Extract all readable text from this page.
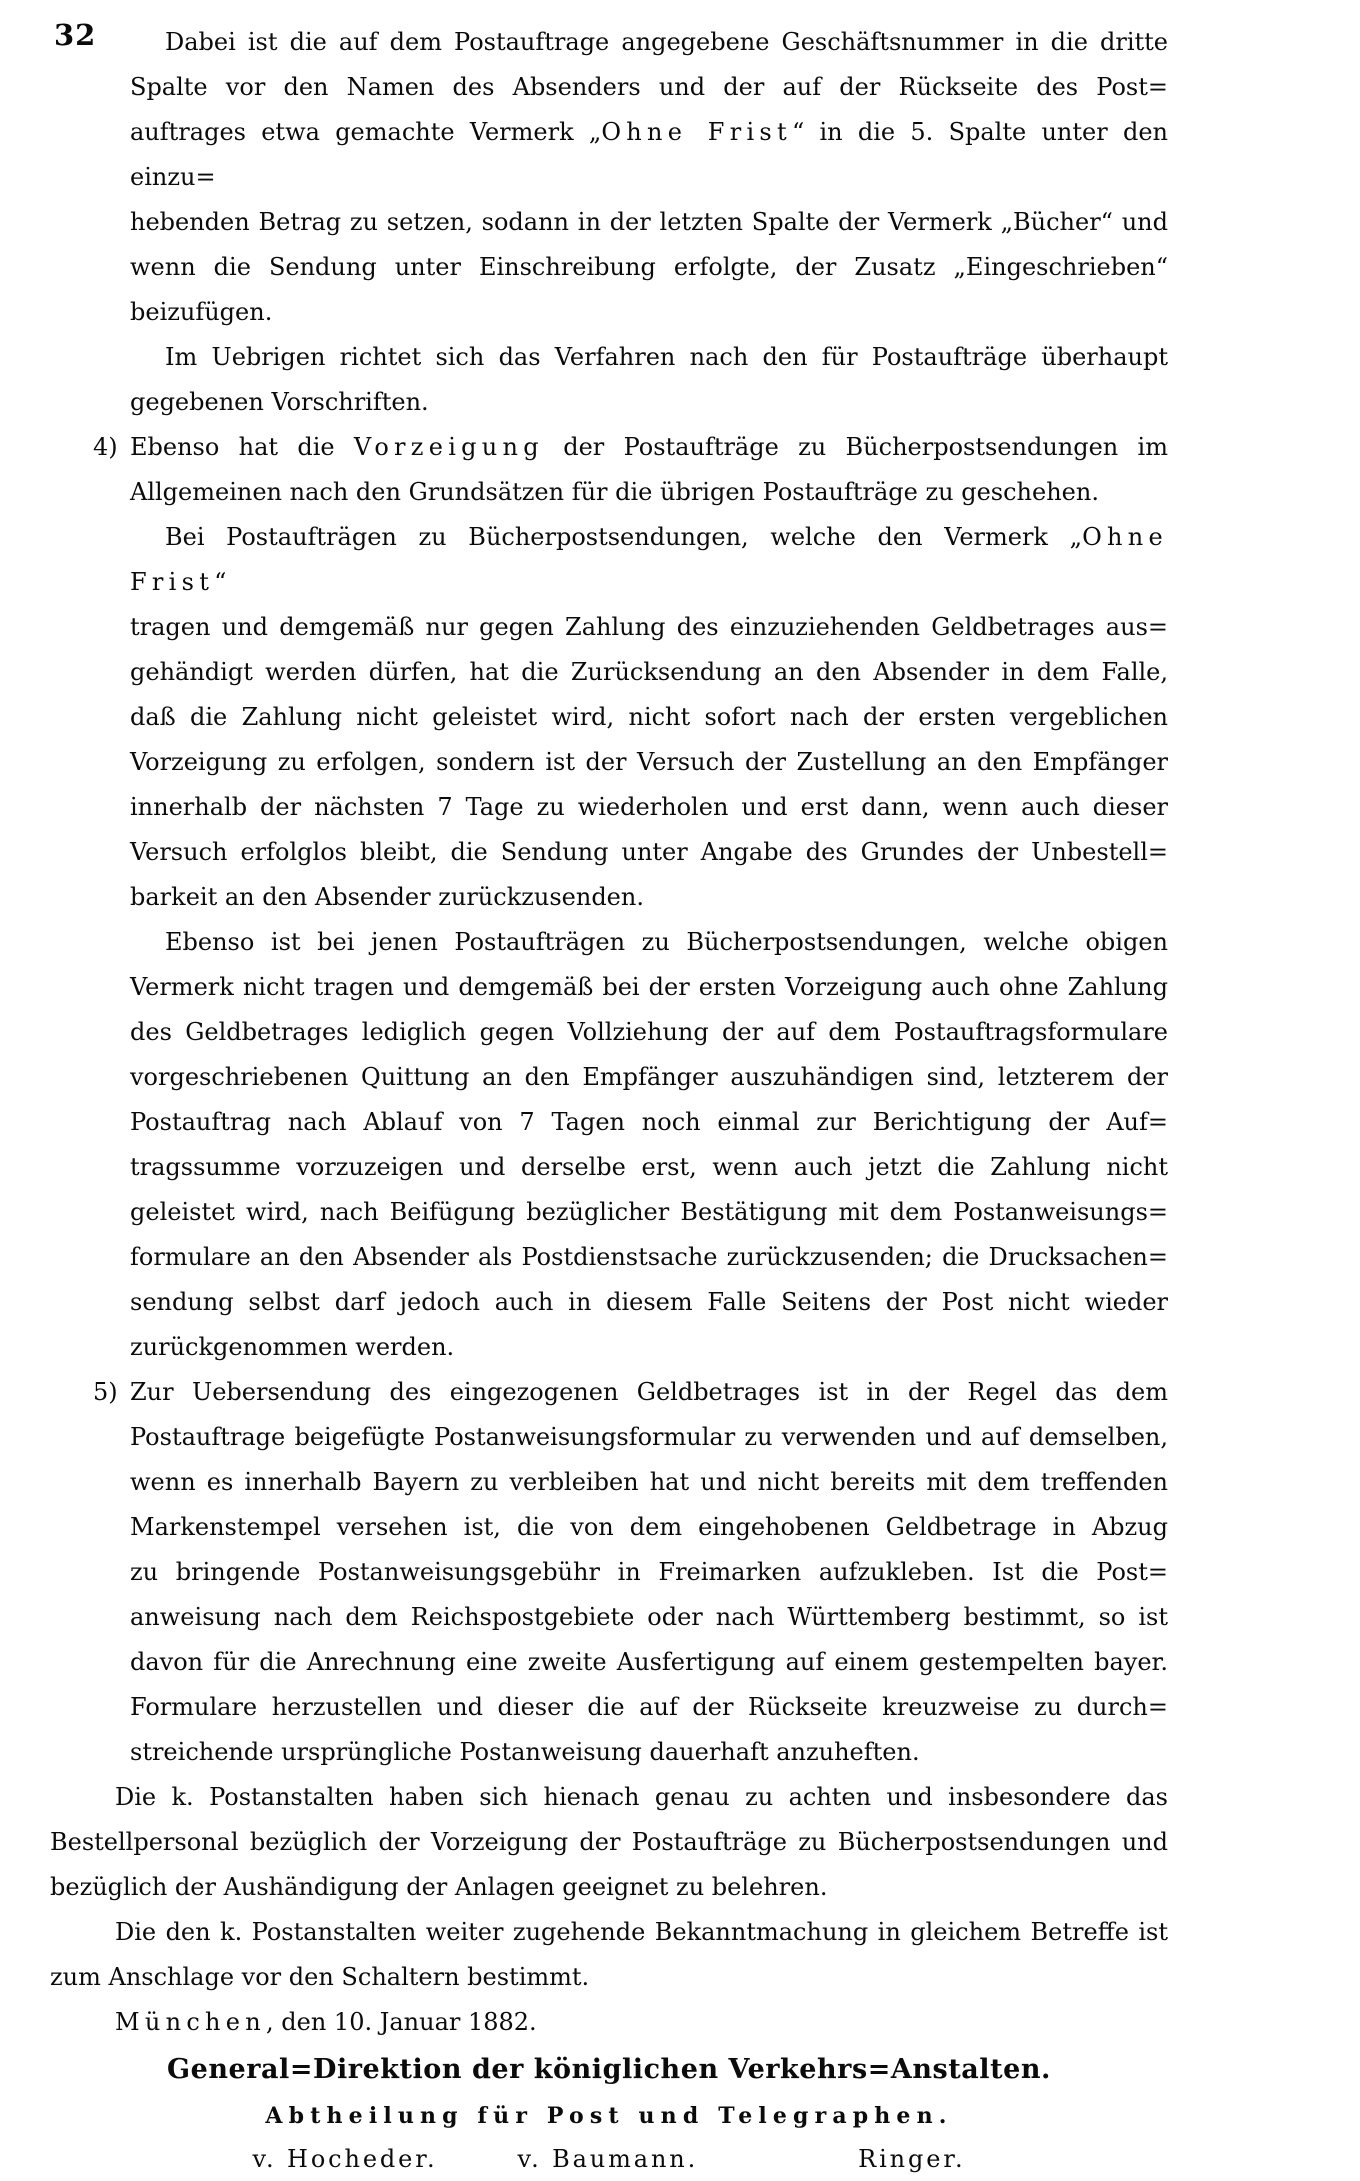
32	Dabei ist die auf dem Postauftrage angegebene Geschäftsnummer in die dritte
Spalte vor den Namen des Absenders und der auf der Rückseite des Post=
auftrages etwa gemachte Vermerk „Ohne Frist“ in die 5. Spalte unter den einzu=
hebenden Betrag zu setzen, sodann in der letzten Spalte der Vermerk „Bücher“ und
wenn die Sendung unter Einschreibung erfolgte, der Zusatz „Eingeschrieben“ beizufügen.
Im Uebrigen richtet sich das Verfahren nach den für Postaufträge überhaupt
gegebenen Vorschriften.
4) Ebenso hat die Vorzeigung der Postaufträge zu Bücherpostsendungen im
Allgemeinen nach den Grundsätzen für die übrigen Postaufträge zu geschehen.
Bei Postaufträgen zu Bücherpostsendungen, welche den Vermerk „Ohne Frist“
tragen und demgemäß nur gegen Zahlung des einzuziehenden Geldbetrages aus=
gehändigt werden dürfen, hat die Zurücksendung an den Absender in dem Falle,
daß die Zahlung nicht geleistet wird, nicht sofort nach der ersten vergeblichen
Vorzeigung zu erfolgen, sondern ist der Versuch der Zustellung an den Empfänger
innerhalb der nächsten 7 Tage zu wiederholen und erst dann, wenn auch dieser
Versuch erfolglos bleibt, die Sendung unter Angabe des Grundes der Unbestell=
barkeit an den Absender zurückzusenden.
Ebenso ist bei jenen Postaufträgen zu Bücherpostsendungen, welche obigen
Vermerk nicht tragen und demgemäß bei der ersten Vorzeigung auch ohne Zahlung
des Geldbetrages lediglich gegen Vollziehung der auf dem Postauftragsformulare
vorgeschriebenen Quittung an den Empfänger auszuhändigen sind, letzterem der
Postauftrag nach Ablauf von 7 Tagen noch einmal zur Berichtigung der Auf=
tragssumme vorzuzeigen und derselbe erst, wenn auch jetzt die Zahlung nicht
geleistet wird, nach Beifügung bezüglicher Bestätigung mit dem Postanweisungs=
formulare an den Absender als Postdienstsache zurückzusenden; die Drucksachen=
sendung selbst darf jedoch auch in diesem Falle Seitens der Post nicht wieder
zurückgenommen werden.
5) Zur Uebersendung des eingezogenen Geldbetrages ist in der Regel das dem
Postauftrage beigefügte Postanweisungsformular zu verwenden und auf demselben,
wenn es innerhalb Bayern zu verbleiben hat und nicht bereits mit dem treffenden
Markenstempel versehen ist, die von dem eingehobenen Geldbetrage in Abzug
zu bringende Postanweisungsgebühr in Freimarken aufzukleben. Ist die Post=
anweisung nach dem Reichspostgebiete oder nach Württemberg bestimmt, so ist
davon für die Anrechnung eine zweite Ausfertigung auf einem gestempelten bayer.
Formulare herzustellen und dieser die auf der Rückseite kreuzweise zu durch=
streichende ursprüngliche Postanweisung dauerhaft anzuheften.
Die k. Postanstalten haben sich hienach genau zu achten und insbesondere das
Bestellpersonal bezüglich der Vorzeigung der Postaufträge zu Bücherpostsendungen und
bezüglich der Aushändigung der Anlagen geeignet zu belehren.
Die den k. Postanstalten weiter zugehende Bekanntmachung in gleichem Betreffe ist
zum Anschlage vor den Schaltern bestimmt.
München, den 10. Januar 1882.
General=Direktion der königlichen Verkehrs=Anstalten.
Abtheilung für Post und Telegraphen.
v. Hocheder.	v. Baumann.	Ringer.
